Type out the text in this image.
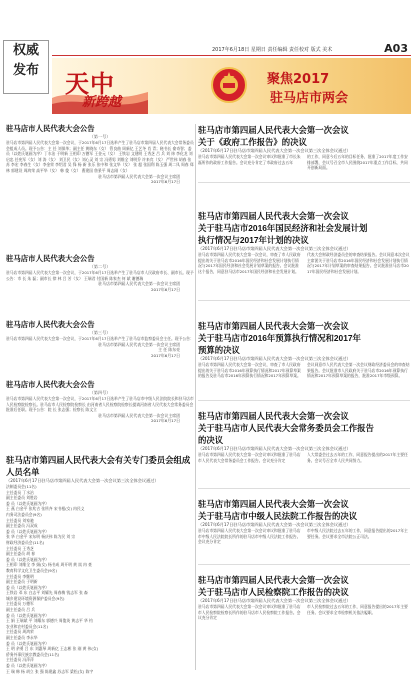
权威
发布
2017年6月18日 星期日 责任编辑 责任校对 版式 美术	A03
天中
新跨越
聚焦2017
驻马店市两会
驻马店市人民代表大会公告
（第一号）
驻马店市第四届人民代表大会第一次会议，于2017年6月17日选举产生了驻马店市第四届人民代表大会常务委员会组成人员。现予公告：主 任 刘保华；副主任 黄晓东（女） 管良曲 周新亿 王艺冬 肖 青；秘书长 俞奇智；委 员（以姓氏笔画为序）丁水治 于明新 王相印 万德军 王金元（女） 王铁岩 文建明 王秀芝 吕 兵 刘 炜 李化龙 刘启忠 任宪军（女）刘 涛（女） 刘卫民（女）刘心灵 刘 宗 冯勇男 刘维全 刘明乔 许来宾（女） 严世伟 胡春 张 苏 李宏 李春生（女）李金荣 李绍君 吴 锋 杨 新 张乐 张中和 张文华（女） 张 超 张国利 陈玉强 周二凤 周春 郑林 郭建设 周鸿荣 高平华（女） 韩 俊（女） 曹建国 詹景平 周志刚（女）
驻马店市第四届人民代表大会第一次会议主席团
2017年6月17日
驻马店市人民代表大会公告
（第二号）
驻马店市第四届人民代表大会第一次会议，于2017年6月17日选举产生了驻马店市人民政府市长、副市长。现予公告：市 长 朱 磊；副市长 徐 林 吕 芳（女） 王瑞君 付国新 陈家杰 何 斌 谢德瑞
驻马店市第四届人民代表大会第一次会议主席团
2017年6月17日
驻马店市人民代表大会公告
（第三号）
驻马店市第四届人民代表大会第一次会议，于2017年6月17日选举产生了驻马店市监察委员会主任。现予公告：
驻马店市第四届人民代表大会第一次会议主席团
主 任 陈东亮
2017年6月17日
驻马店市人民代表大会公告
（第四号）
驻马店市第四届人民代表大会第一次会议，于2017年6月17日选举产生了驻马店市中级人民法院院长和驻马店市人民检察院检察长。驻马店市人民检察院检察长 由河南省人民检察院检察长提请河南省人民代表大会常务委员会批准后任职。现予公告：院 长 张志强；检察长 陈文立
驻马店市第四届人民代表大会第一次会议主席团
2017年6月17日
驻马店市第四届人民代表大会有关专门委员会组成人员名单
（2017年6月17日驻马店市第四届人民代表大会第一次会议第三次全体会议通过）
法制委员会(11名)
主任委员 丁水治
副主任委员 刘胜岩
委 员（以姓氏笔画为序）
王 燕 白金平 张兆吉 张所齐 宋书根(女) 冉民义
内务司法委员会(9名)
主任委员 刘家驰
副主任委员 冯双成
委 员（以姓氏笔画为序）
张 华 白金平 宋东明 杨庆伟 陈为民 刘 宗
财政经济委员会(11名)
主任委员 王秀芝
副主任委员 胡 春
委 员（以姓氏笔画为序）
王相印 刘维全 李 娟(女) 杨书成 周开明 黄 岚 冉 豪
教育科学文化卫生委员会(9名)
主任委员 李继明
副主任委员 于明新
委 员（以姓氏笔画为序）
王铁岩 邓 东 白志平 刘耀先 周春梅 钱志军 张 森
城乡建设环境资源保护委员会(9名)
主任委员 万德军
副主任委员 吕 兵
委 员（以姓氏笔画为序）
王 娟 王瑞斌 平 刘耀东 郭德兴 周俊英 黄志平 华 钧
农业和农村委员会(11名)
主任委员 周鸿荣
副主任委员 李永华
委 员（以姓氏笔画为序）
王 明 余勇 吕 东 刘惠琴 周新亿 王志彬 张 刚 黄 伟(女)
侨务外事民族宗教委员会(11名)
主任委员 冯萍萍
委 员（以姓氏笔画为序）
王 瑞 韩 杨 胡立 张 强 陈建鑫 苏志军 梁松(女) 陈宇
驻马店市第四届人民代表大会第一次会议
关于《政府工作报告》的决议
（2017年6月17日驻马店市第四届人民代表大会第一次会议第三次全体会议通过）
驻马店市第四届人民代表大会第一次会议审议和批准了市长朱磊所作的政府工作报告。会议充分肯定了市政府过去五年
的工作，同意今后五年的目标任务，批准了2017年度工作安排部署，会议号召全市人民围绕2017年重点工作目标，共同开创新局面。
驻马店市第四届人民代表大会第一次会议
关于驻马店市2016年国民经济和社会发展计划
执行情况与2017年计划的决议
（2017年6月17日驻马店市第四届人民代表大会第一次会议第三次全体会议通过）
驻马店市第四届人民代表大会第一次会议，审查了市人民政府提出的关于驻马店市2016年国民经济和社会发展计划执行情况与2017年国民经济和社会发展计划草案的报告。会议批准这个报告，同意驻马店市2017年国民经济和社会发展计划。
代表大会财政经济委员会的审查结果报告。会议同意本次会议主席团关于驻马店市2016年国民经济和社会发展计划执行情况与2017年计划草案的审查结果报告。会议批准驻马店市2017年国民经济和社会发展计划。
驻马店市第四届人民代表大会第一次会议
关于驻马店市2016年预算执行情况和2017年
预算的决议
（2017年6月17日驻马店市第四届人民代表大会第一次会议第三次全体会议通过）
驻马店市第四届人民代表大会第一次会议，审查了市人民政府提出的关于驻马店市2016年预算执行情况和2017年预算草案的报告及驻马店市2016年预算执行情况和2017年预算草案。
会议同意市人民代表大会第一次会议财政经济委员会的审查结果报告。会议批准市人民政府关于驻马店市2016年预算执行情况和2017年预算草案的报告，批准2017年市级预算。
驻马店市第四届人民代表大会第一次会议
关于驻马店市人民代表大会常务委员会工作报告
的决议
（2017年6月17日驻马店市第四届人民代表大会第一次会议第三次全体会议通过）
驻马店市第四届人民代表大会第一次会议审议和批准了驻马店市人民代表大会常务委员会工作报告。会议充分肯定
人大常委会过去五年的工作，同意报告提出的2017年主要任务。会议号召全市人民共同努力。
驻马店市第四届人民代表大会第一次会议
关于驻马店市中级人民法院工作报告的决议
（2017年6月17日驻马店市第四届人民代表大会第一次会议第三次全体会议通过）
驻马店市第四届人民代表大会第一次会议审议和批准了驻马店市中级人民法院院长所作的驻马店市中级人民法院工作报告。会议充分肯定
市中级人民法院过去五年的工作，同意报告提出的2017年主要任务。会议要求全市法院公正司法。
驻马店市第四届人民代表大会第一次会议
关于驻马店市人民检察院工作报告的决议
（2017年6月17日驻马店市第四届人民代表大会第一次会议第三次全体会议通过）
驻马店市第四届人民代表大会第一次会议审议和批准了驻马店市人民检察院检察长所作的驻马店市人民检察院工作报告。会议充分肯定
市人民检察院过去五年的工作，同意报告提出的2017年主要任务。会议要求全市检察机关依法履职。
